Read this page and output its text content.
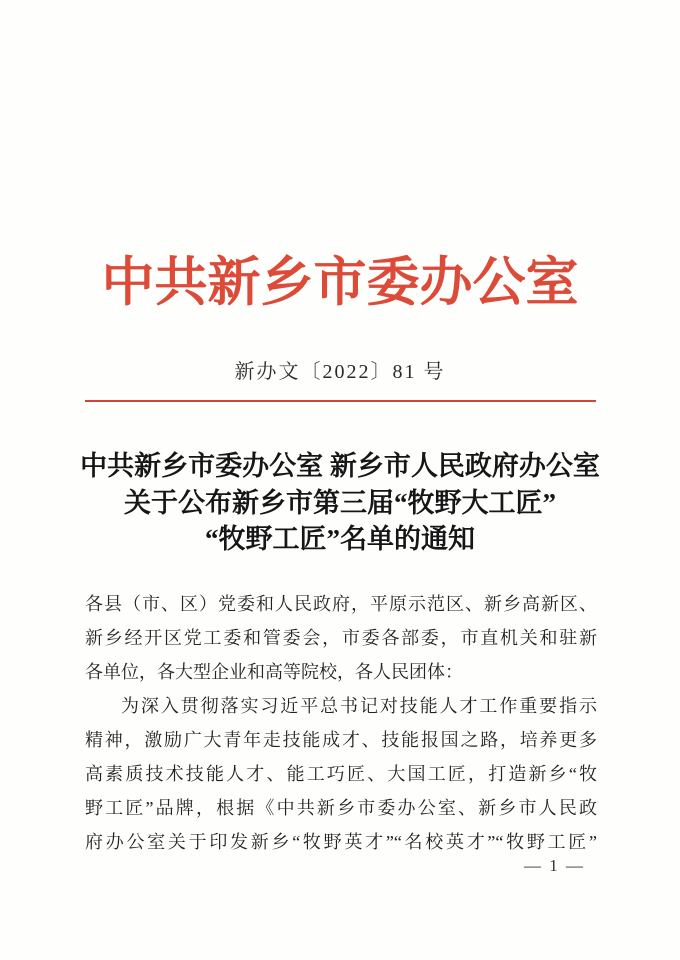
中共新乡市委办公室
新办文〔2022〕81 号
中共新乡市委办公室 新乡市人民政府办公室
关于公布新乡市第三届“牧野大工匠”
“牧野工匠”名单的通知
各县（市、区）党委和人民政府，平原示范区、新乡高新区、
新乡经开区党工委和管委会，市委各部委，市直机关和驻新
各单位，各大型企业和高等院校，各人民团体：
为深入贯彻落实习近平总书记对技能人才工作重要指示
精神，激励广大青年走技能成才、技能报国之路，培养更多
高素质技术技能人才、能工巧匠、大国工匠，打造新乡“牧
野工匠”品牌，根据《中共新乡市委办公室、新乡市人民政
府办公室关于印发新乡“牧野英才”“名校英才”“牧野工匠”
— 1 —
